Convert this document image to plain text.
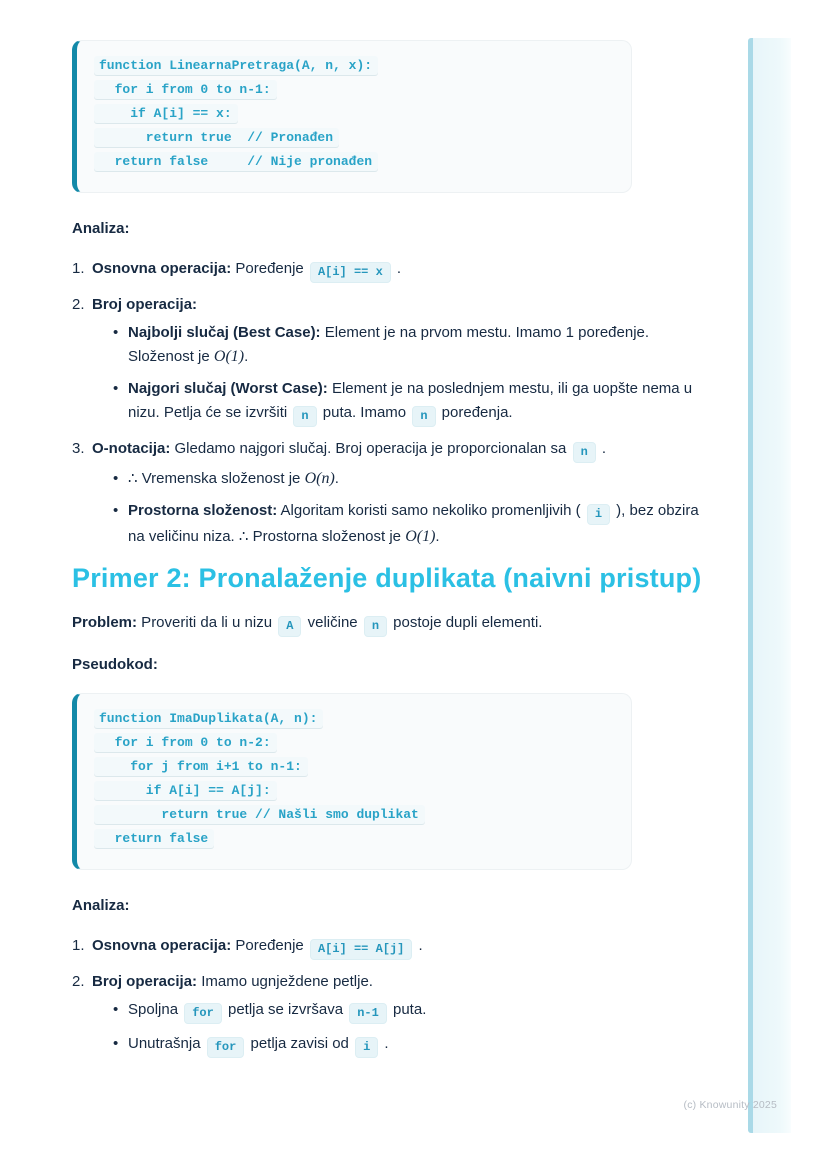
function LinearnaPretraga(A, n, x):
for i from 0 to n-1:
if A[i] == x:
return true  // Pronađen
return false     // Nije pronađen

Analiza:

Osnovna operacija: Poređenje A[i] == x .
Broj operacija:
• Najbolji slučaj (Best Case): Element je na prvom mestu. Imamo 1 poređenje. Složenost je O(1).
• Najgori slučaj (Worst Case): Element je na poslednjem mestu, ili ga uopšte nema u nizu. Petlja će se izvršiti n puta. Imamo n poređenja.
O-notacija: Gledamo najgori slučaj. Broj operacija je proporcionalan sa n .
• ∴ Vremenska složenost je O(n).
• Prostorna složenost: Algoritam koristi samo nekoliko promenljivih ( i ), bez obzira na veličinu niza. ∴ Prostorna složenost je O(1).
Primer 2: Pronalaženje duplikata (naivni pristup)

Problem: Proveriti da li u nizu A veličine n postoje dupli elementi.

Pseudokod:

function ImaDuplikata(A, n):
for i from 0 to n-2:
for j from i+1 to n-1:
if A[i] == A[j]:
return true // Našli smo duplikat
return false

Analiza:

Osnovna operacija: Poređenje A[i] == A[j] .
Broj operacija: Imamo ugnježdene petlje.
• Spoljna for petlja se izvršava n-1 puta.
• Unutrašnja for petlja zavisi od i .
(c) Knowunity 2025
